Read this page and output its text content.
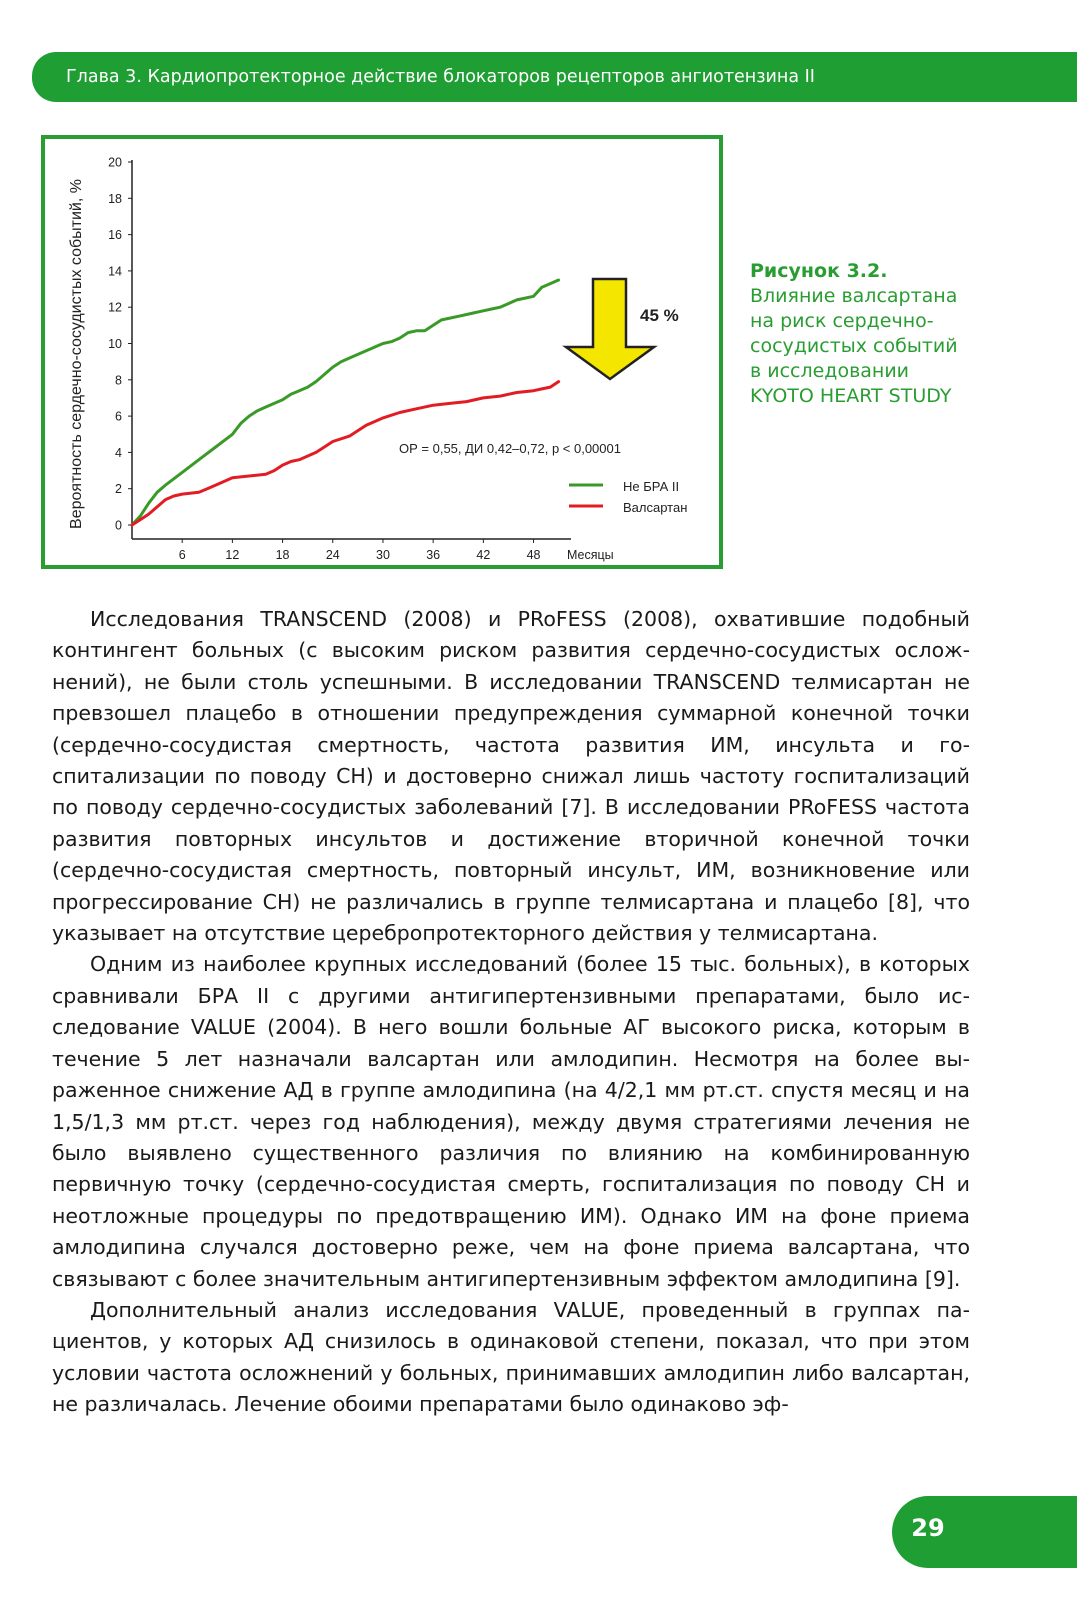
Глава 3. Кардиопротекторное действие блокаторов рецепторов ангиотензина II
0
2
4
6
8
10
12
14
16
18
20
6	12	18	24	30	36	42	48
Вероятность сердечно-сосудистых событий, %
Месяцы
ОР = 0,55, ДИ 0,42–0,72, p < 0,00001
45 %
Не БРА II
Валсартан
Рисунок 3.2.
Влияние валсартана на риск сердечно-сосудистых событий в исследовании KYOTO HEART STUDY

Исследования TRANSCEND (2008) и PRoFESS (2008), охватившие подобный контингент больных (с высоким риском развития сердечно-сосудистых осложнений), не были столь успешными. В исследовании TRANSCEND телмисартан не превзошел плацебо в отношении предупреждения суммарной конечной точки (сердечно-сосудистая смертность, частота развития ИМ, инсульта и госпитализации по поводу СН) и достоверно снижал лишь частоту госпитализаций по поводу сердечно-сосудистых заболеваний [7]. В исследовании PRoFESS частота развития повторных инсультов и достижение вторичной конечной точки (сердечно-сосудистая смертность, повторный инсульт, ИМ, возникновение или прогрессирование СН) не различались в группе телмисартана и плацебо [8], что указывает на отсутствие церебропротекторного действия у телмисартана.

Одним из наиболее крупных исследований (более 15 тыс. больных), в которых сравнивали БРА II с другими антигипертензивными препаратами, было исследование VALUE (2004). В него вошли больные АГ высокого риска, которым в течение 5 лет назначали валсартан или амлодипин. Несмотря на более выраженное снижение АД в группе амлодипина (на 4/2,1 мм рт.ст. спустя месяц и на 1,5/1,3 мм рт.ст. через год наблюдения), между двумя стратегиями лечения не было выявлено существенного различия по влиянию на комбинированную первичную точку (сердечно-сосудистая смерть, госпитализация по поводу СН и неотложные процедуры по предотвращению ИМ). Однако ИМ на фоне приема амлодипина случался достоверно реже, чем на фоне приема валсартана, что связывают с более значительным антигипертензивным эффектом амлодипина [9].

Дополнительный анализ исследования VALUE, проведенный в группах пациентов, у которых АД снизилось в одинаковой степени, показал, что при этом условии частота осложнений у больных, принимавших амлодипин либо валсартан, не различалась. Лечение обоими препаратами было одинаково эф-

29
